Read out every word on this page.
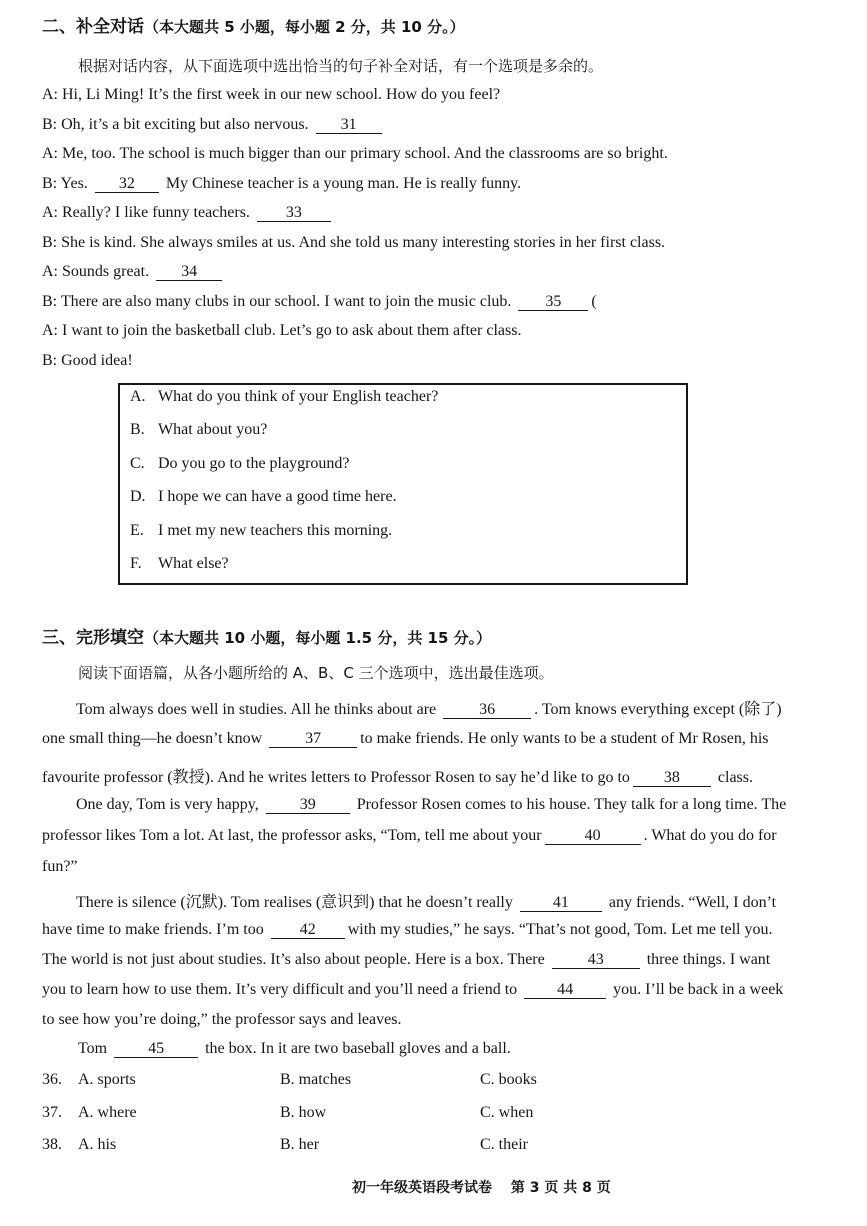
二、补全对话（本大题共 5 小题，每小题 2 分，共 10 分。）
根据对话内容，从下面选项中选出恰当的句子补全对话，有一个选项是多余的。
A: Hi, Li Ming! It’s the first week in our new school. How do you feel?
B: Oh, it’s a bit exciting but also nervous. 31
A: Me, too. The school is much bigger than our primary school. And the classrooms are so bright.
B: Yes. 32 My Chinese teacher is a young man. He is really funny.
A: Really? I like funny teachers. 33
B: She is kind. She always smiles at us. And she told us many interesting stories in her first class.
A: Sounds great. 34
B: There are also many clubs in our school. I want to join the music club. 35 (
A: I want to join the basketball club. Let’s go to ask about them after class.
B: Good idea!
A. What do you think of your English teacher?
B. What about you?
C. Do you go to the playground?
D. I hope we can have a good time here.
E. I met my new teachers this morning.
F. What else?
三、完形填空（本大题共 10 小题，每小题 1.5 分，共 15 分。）
阅读下面语篇，从各小题所给的 A、B、C 三个选项中，选出最佳选项。
Tom always does well in studies. All he thinks about are	36 . Tom knows everything except (除了)
one small thing—he doesn’t know	37 to make friends. He only wants to be a student of Mr Rosen, his
favourite professor (教授). And he writes letters to Professor Rosen to say he’d like to go to 38 class.
One day, Tom is very happy,	39	Professor Rosen comes to his house. They talk for a long time. The
professor likes Tom a lot. At last, the professor asks, “Tom, tell me about your	40	. What do you do for
fun?”
There is silence (沉默). Tom realises (意识到) that he doesn’t really	41	any friends. “Well, I don’t
have time to make friends. I’m too 42 with my studies,” he says. “That’s not good, Tom. Let me tell you.
The world is not just about studies. It’s also about people. Here is a box. There	43	three things. I want
you to learn how to use them. It’s very difficult and you’ll need a friend to	44	you. I’ll be back in a week
to see how you’re doing,” the professor says and leaves.
Tom	45	the box. In it are two baseball gloves and a ball.
36. A. sports	B. matches	C. books
37. A. where	B. how	C. when
38. A. his	B. her	C. their
初一年级英语段考试卷 第 3 页 共 8 页
